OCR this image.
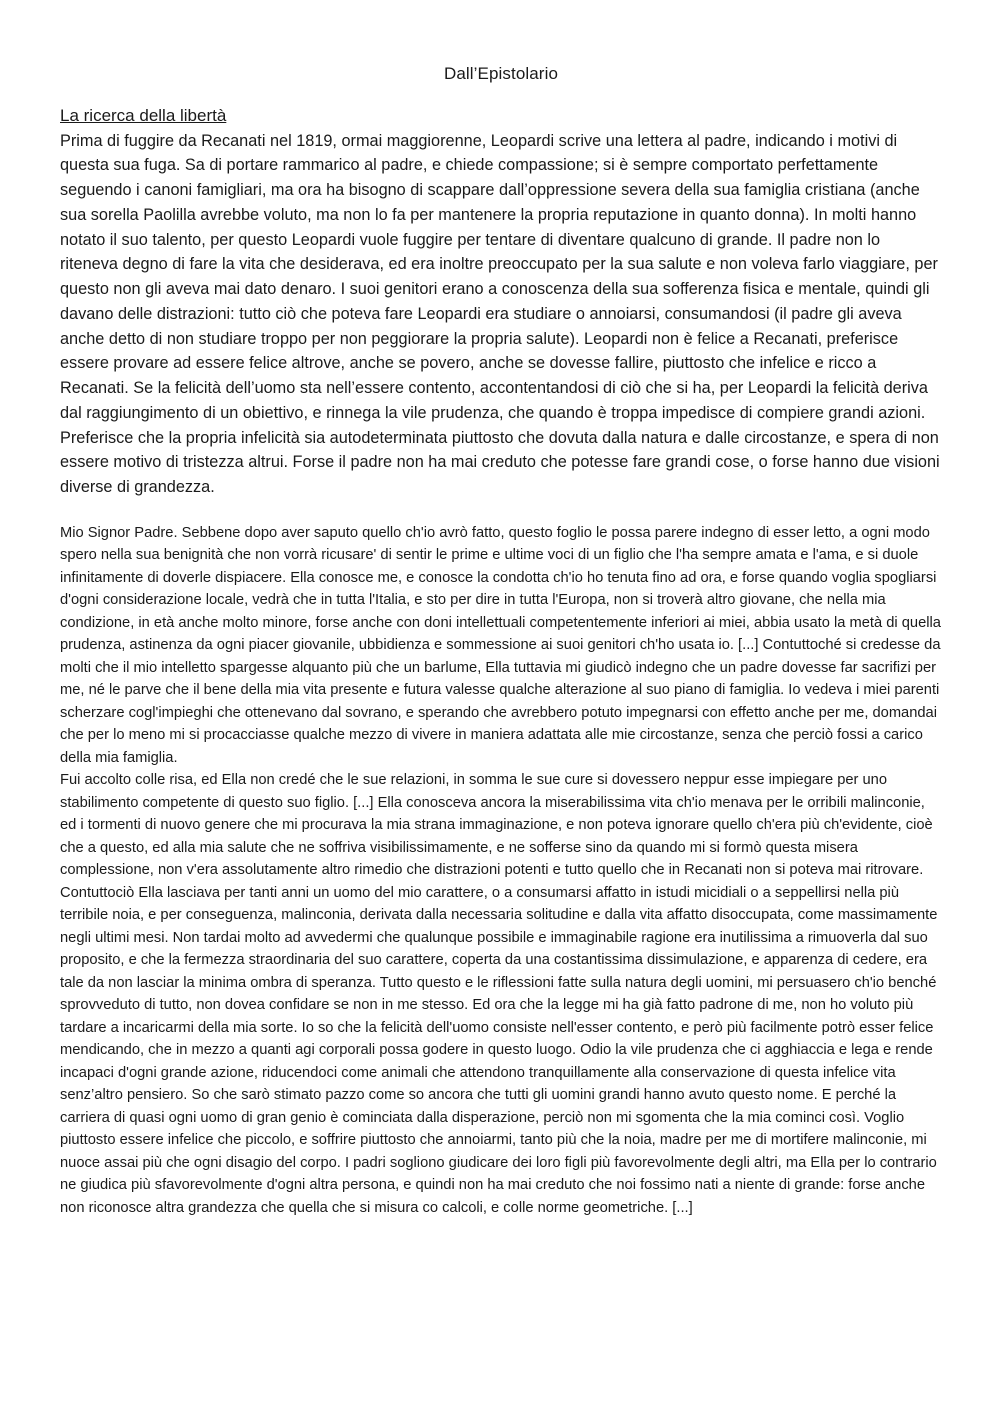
Dall’Epistolario

La ricerca della libertà

Prima di fuggire da Recanati nel 1819, ormai maggiorenne, Leopardi scrive una lettera al padre, indicando i motivi di questa sua fuga. Sa di portare rammarico al padre, e chiede compassione; si è sempre comportato perfettamente seguendo i canoni famigliari, ma ora ha bisogno di scappare dall’oppressione severa della sua famiglia cristiana (anche sua sorella Paolilla avrebbe voluto, ma non lo fa per mantenere la propria reputazione in quanto donna). In molti hanno notato il suo talento, per questo Leopardi vuole fuggire per tentare di diventare qualcuno di grande. Il padre non lo riteneva degno di fare la vita che desiderava, ed era inoltre preoccupato per la sua salute e non voleva farlo viaggiare, per questo non gli aveva mai dato denaro. I suoi genitori erano a conoscenza della sua sofferenza fisica e mentale, quindi gli davano delle distrazioni: tutto ciò che poteva fare Leopardi era studiare o annoiarsi, consumandosi (il padre gli aveva anche detto di non studiare troppo per non peggiorare la propria salute). Leopardi non è felice a Recanati, preferisce essere provare ad essere felice altrove, anche se povero, anche se dovesse fallire, piuttosto che infelice e ricco a Recanati. Se la felicità dell’uomo sta nell’essere contento, accontentandosi di ciò che si ha, per Leopardi la felicità deriva dal raggiungimento di un obiettivo, e rinnega la vile prudenza, che quando è troppa impedisce di compiere grandi azioni. Preferisce che la propria infelicità sia autodeterminata piuttosto che dovuta dalla natura e dalle circostanze, e spera di non essere motivo di tristezza altrui. Forse il padre non ha mai creduto che potesse fare grandi cose, o forse hanno due visioni diverse di grandezza.

Mio Signor Padre. Sebbene dopo aver saputo quello ch'io avrò fatto, questo foglio le possa parere indegno di esser letto, a ogni modo spero nella sua benignità che non vorrà ricusare' di sentir le prime e ultime voci di un figlio che l'ha sempre amata e l'ama, e si duole infinitamente di doverle dispiacere. Ella conosce me, e conosce la condotta ch'io ho tenuta fino ad ora, e forse quando voglia spogliarsi d'ogni considerazione locale, vedrà che in tutta l'Italia, e sto per dire in tutta l'Europa, non si troverà altro giovane, che nella mia condizione, in età anche molto minore, forse anche con doni intellettuali competentemente inferiori ai miei, abbia usato la metà di quella prudenza, astinenza da ogni piacer giovanile, ubbidienza e sommessione ai suoi genitori ch'ho usata io. [...] Contuttoché si credesse da molti che il mio intelletto spargesse alquanto più che un barlume, Ella tuttavia mi giudicò indegno che un padre dovesse far sacrifizi per me, né le parve che il bene della mia vita presente e futura valesse qualche alterazione al suo piano di famiglia. Io vedeva i miei parenti scherzare cogl'impieghi che ottenevano dal sovrano, e sperando che avrebbero potuto impegnarsi con effetto anche per me, domandai che per lo meno mi si procacciasse qualche mezzo di vivere in maniera adattata alle mie circostanze, senza che perciò fossi a carico della mia famiglia.

Fui accolto colle risa, ed Ella non credé che le sue relazioni, in somma le sue cure si dovessero neppur esse impiegare per uno stabilimento competente di questo suo figlio. [...] Ella conosceva ancora la miserabilissima vita ch'io menava per le orribili malinconie, ed i tormenti di nuovo genere che mi procurava la mia strana immaginazione, e non poteva ignorare quello ch'era più ch'evidente, cioè che a questo, ed alla mia salute che ne soffriva visibilissimamente, e ne sofferse sino da quando mi si formò questa misera complessione, non v'era assolutamente altro rimedio che distrazioni potenti e tutto quello che in Recanati non si poteva mai ritrovare. Contuttociò Ella lasciava per tanti anni un uomo del mio carattere, o a consumarsi affatto in istudi micidiali o a seppellirsi nella più terribile noia, e per conseguenza, malinconia, derivata dalla necessaria solitudine e dalla vita affatto disoccupata, come massimamente negli ultimi mesi. Non tardai molto ad avvedermi che qualunque possibile e immaginabile ragione era inutilissima a rimuoverla dal suo proposito, e che la fermezza straordinaria del suo carattere, coperta da una costantissima dissimulazione, e apparenza di cedere, era tale da non lasciar la minima ombra di speranza. Tutto questo e le riflessioni fatte sulla natura degli uomini, mi persuasero ch'io benché sprovveduto di tutto, non dovea confidare se non in me stesso. Ed ora che la legge mi ha già fatto padrone di me, non ho voluto più tardare a incaricarmi della mia sorte. Io so che la felicità dell'uomo consiste nell'esser contento, e però più facilmente potrò esser felice mendicando, che in mezzo a quanti agi corporali possa godere in questo luogo. Odio la vile prudenza che ci agghiaccia e lega e rende incapaci d'ogni grande azione, riducendoci come animali che attendono tranquillamente alla conservazione di questa infelice vita senz’altro pensiero. So che sarò stimato pazzo come so ancora che tutti gli uomini grandi hanno avuto questo nome. E perché la carriera di quasi ogni uomo di gran genio è cominciata dalla disperazione, perciò non mi sgomenta che la mia cominci così. Voglio piuttosto essere infelice che piccolo, e soffrire piuttosto che annoiarmi, tanto più che la noia, madre per me di mortifere malinconie, mi nuoce assai più che ogni disagio del corpo. I padri sogliono giudicare dei loro figli più favorevolmente degli altri, ma Ella per lo contrario ne giudica più sfavorevolmente d'ogni altra persona, e quindi non ha mai creduto che noi fossimo nati a niente di grande: forse anche non riconosce altra grandezza che quella che si misura co calcoli, e colle norme geometriche. [...]
